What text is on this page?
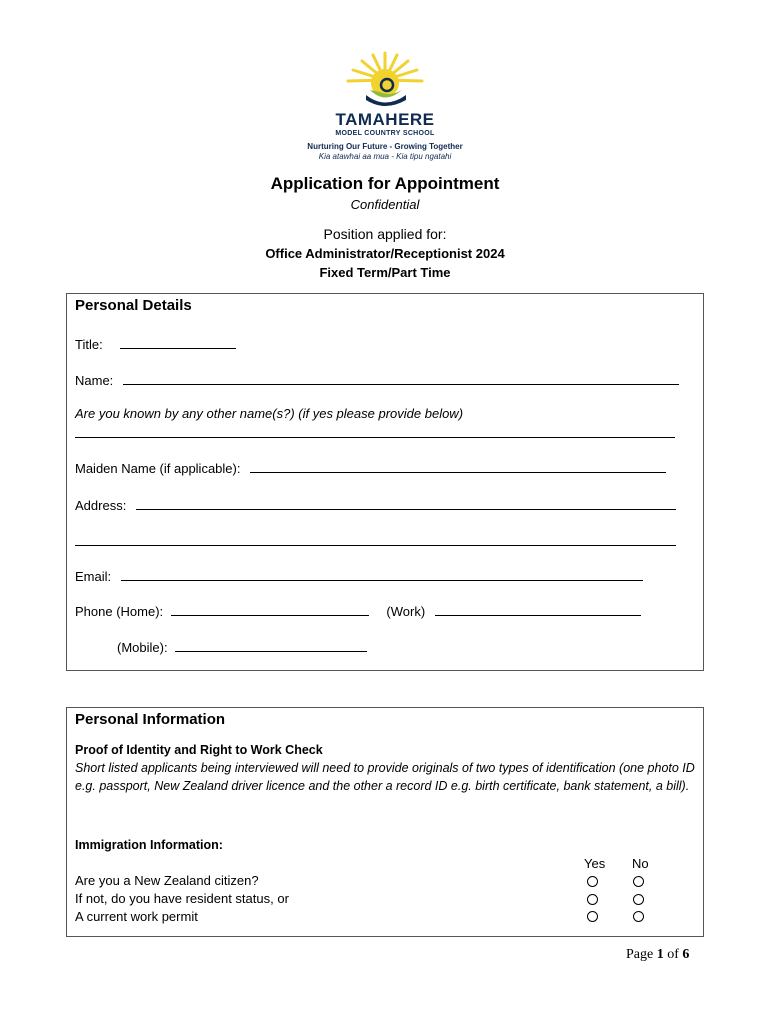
TAMAHERE
MODEL COUNTRY SCHOOL
Nurturing Our Future - Growing Together
Kia atawhai aa mua - Kia tipu ngatahi
Application for Appointment
Confidential
Position applied for:
Office Administrator/Receptionist 2024
Fixed Term/Part Time
Personal Details
Title:
Name:
Are you known by any other name(s?) (if yes please provide below)
Maiden Name (if applicable):
Address:
Email:
Phone (Home):	(Work)
(Mobile):
Personal Information
Proof of Identity and Right to Work Check
Short listed applicants being interviewed will need to provide originals of two types of identification (one photo ID e.g. passport, New Zealand driver licence and the other a record ID e.g. birth certificate, bank statement, a bill).
Immigration Information:
Yes No
Are you a New Zealand citizen?
If not, do you have resident status, or
A current work permit
Page 1 of 6
